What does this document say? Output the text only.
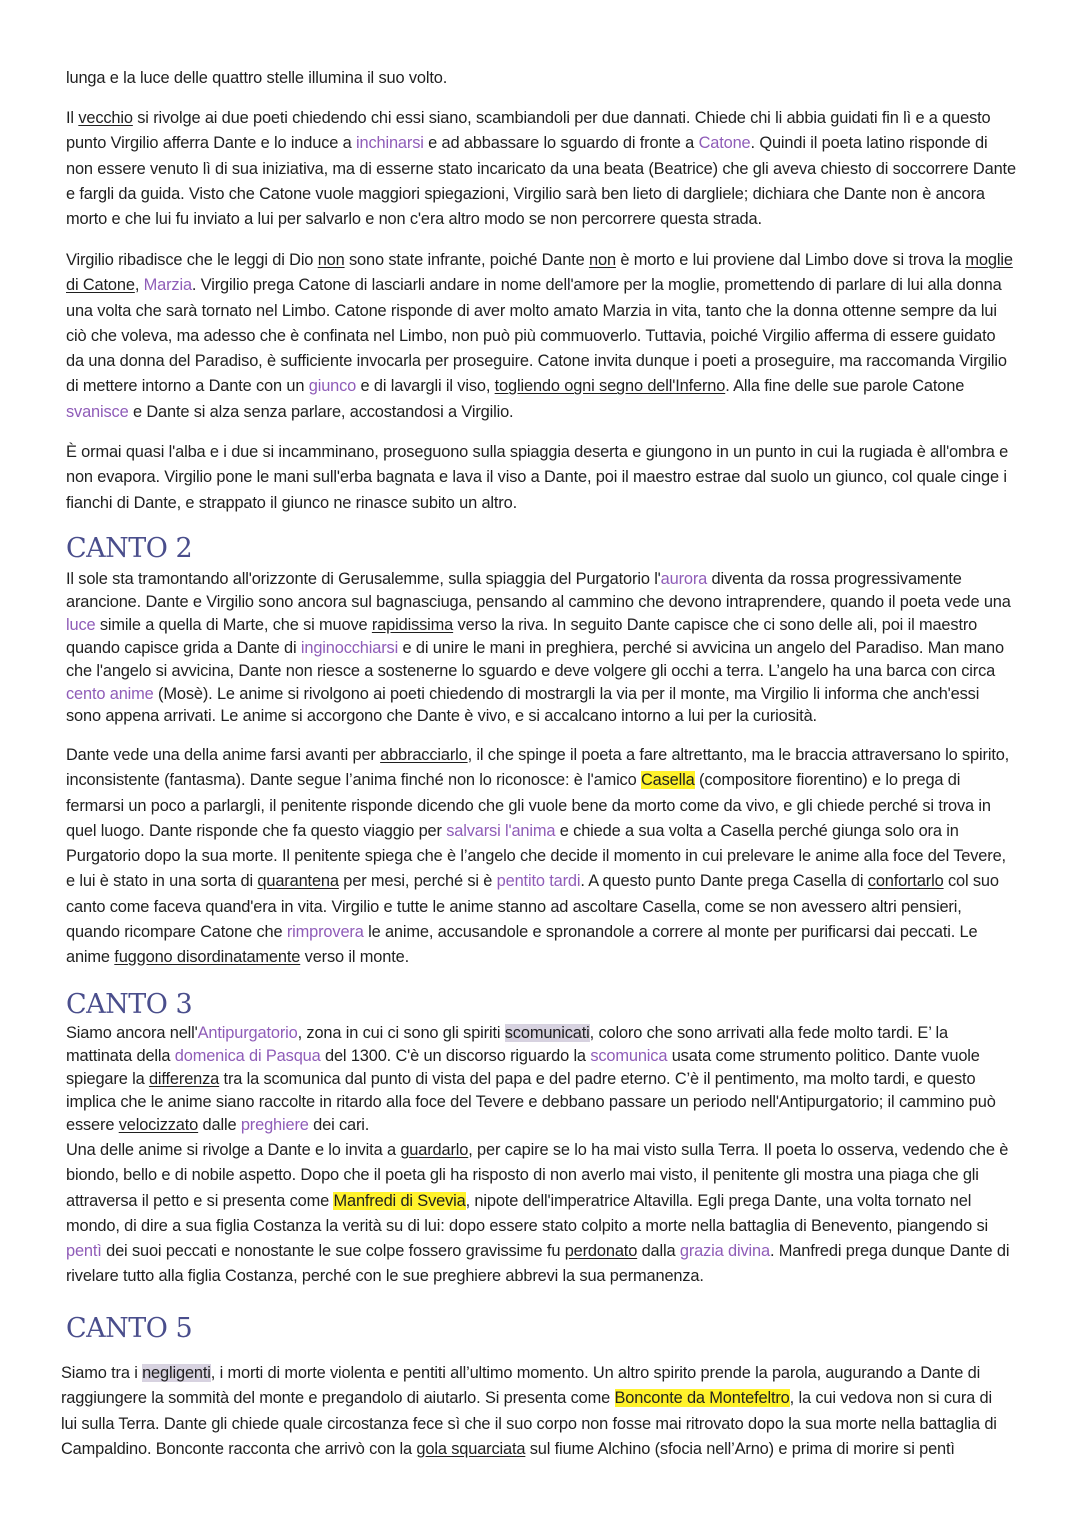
lunga e la luce delle quattro stelle illumina il suo volto.

Il vecchio si rivolge ai due poeti chiedendo chi essi siano, scambiandoli per due dannati. Chiede chi li abbia guidati fin lì e a questo punto Virgilio afferra Dante e lo induce a inchinarsi e ad abbassare lo sguardo di fronte a Catone. Quindi il poeta latino risponde di non essere venuto lì di sua iniziativa, ma di esserne stato incaricato da una beata (Beatrice) che gli aveva chiesto di soccorrere Dante e fargli da guida. Visto che Catone vuole maggiori spiegazioni, Virgilio sarà ben lieto di dargliele; dichiara che Dante non è ancora morto e che lui fu inviato a lui per salvarlo e non c'era altro modo se non percorrere questa strada.

Virgilio ribadisce che le leggi di Dio non sono state infrante, poiché Dante non è morto e lui proviene dal Limbo dove si trova la moglie di Catone, Marzia. Virgilio prega Catone di lasciarli andare in nome dell'amore per la moglie, promettendo di parlare di lui alla donna una volta che sarà tornato nel Limbo. Catone risponde di aver molto amato Marzia in vita, tanto che la donna ottenne sempre da lui ciò che voleva, ma adesso che è confinata nel Limbo, non può più commuoverlo. Tuttavia, poiché Virgilio afferma di essere guidato da una donna del Paradiso, è sufficiente invocarla per proseguire. Catone invita dunque i poeti a proseguire, ma raccomanda Virgilio di mettere intorno a Dante con un giunco e di lavargli il viso, togliendo ogni segno dell'Inferno. Alla fine delle sue parole Catone svanisce e Dante si alza senza parlare, accostandosi a Virgilio.

È ormai quasi l'alba e i due si incamminano, proseguono sulla spiaggia deserta e giungono in un punto in cui la rugiada è all'ombra e non evapora. Virgilio pone le mani sull'erba bagnata e lava il viso a Dante, poi il maestro estrae dal suolo un giunco, col quale cinge i fianchi di Dante, e strappato il giunco ne rinasce subito un altro.

CANTO 2

Il sole sta tramontando all'orizzonte di Gerusalemme, sulla spiaggia del Purgatorio l'aurora diventa da rossa progressivamente arancione. Dante e Virgilio sono ancora sul bagnasciuga, pensando al cammino che devono intraprendere, quando il poeta vede una luce simile a quella di Marte, che si muove rapidissima verso la riva. In seguito Dante capisce che ci sono delle ali, poi il maestro quando capisce grida a Dante di inginocchiarsi e di unire le mani in preghiera, perché si avvicina un angelo del Paradiso. Man mano che l'angelo si avvicina, Dante non riesce a sostenerne lo sguardo e deve volgere gli occhi a terra. L’angelo ha una barca con circa cento anime (Mosè). Le anime si rivolgono ai poeti chiedendo di mostrargli la via per il monte, ma Virgilio li informa che anch'essi sono appena arrivati. Le anime si accorgono che Dante è vivo, e si accalcano intorno a lui per la curiosità.

Dante vede una della anime farsi avanti per abbracciarlo, il che spinge il poeta a fare altrettanto, ma le braccia attraversano lo spirito, inconsistente (fantasma). Dante segue l’anima finché non lo riconosce: è l'amico Casella (compositore fiorentino) e lo prega di fermarsi un poco a parlargli, il penitente risponde dicendo che gli vuole bene da morto come da vivo, e gli chiede perché si trova in quel luogo. Dante risponde che fa questo viaggio per salvarsi l'anima e chiede a sua volta a Casella perché giunga solo ora in Purgatorio dopo la sua morte. Il penitente spiega che è l’angelo che decide il momento in cui prelevare le anime alla foce del Tevere, e lui è stato in una sorta di quarantena per mesi, perché si è pentito tardi. A questo punto Dante prega Casella di confortarlo col suo canto come faceva quand'era in vita. Virgilio e tutte le anime stanno ad ascoltare Casella, come se non avessero altri pensieri, quando ricompare Catone che rimprovera le anime, accusandole e spronandole a correre al monte per purificarsi dai peccati. Le anime fuggono disordinatamente verso il monte.

CANTO 3

Siamo ancora nell'Antipurgatorio, zona in cui ci sono gli spiriti scomunicati, coloro che sono arrivati alla fede molto tardi. E’ la mattinata della domenica di Pasqua del 1300. C'è un discorso riguardo la scomunica usata come strumento politico. Dante vuole spiegare la differenza tra la scomunica dal punto di vista del papa e del padre eterno. C’è il pentimento, ma molto tardi, e questo implica che le anime siano raccolte in ritardo alla foce del Tevere e debbano passare un periodo nell'Antipurgatorio; il cammino può essere velocizzato dalle preghiere dei cari.

Una delle anime si rivolge a Dante e lo invita a guardarlo, per capire se lo ha mai visto sulla Terra. Il poeta lo osserva, vedendo che è biondo, bello e di nobile aspetto. Dopo che il poeta gli ha risposto di non averlo mai visto, il penitente gli mostra una piaga che gli attraversa il petto e si presenta come Manfredi di Svevia, nipote dell'imperatrice Altavilla. Egli prega Dante, una volta tornato nel mondo, di dire a sua figlia Costanza la verità su di lui: dopo essere stato colpito a morte nella battaglia di Benevento, piangendo si pentì dei suoi peccati e nonostante le sue colpe fossero gravissime fu perdonato dalla grazia divina. Manfredi prega dunque Dante di rivelare tutto alla figlia Costanza, perché con le sue preghiere abbrevi la sua permanenza.

CANTO 5

Siamo tra i negligenti, i morti di morte violenta e pentiti all’ultimo momento. Un altro spirito prende la parola, augurando a Dante di raggiungere la sommità del monte e pregandolo di aiutarlo. Si presenta come Bonconte da Montefeltro, la cui vedova non si cura di lui sulla Terra. Dante gli chiede quale circostanza fece sì che il suo corpo non fosse mai ritrovato dopo la sua morte nella battaglia di Campaldino. Bonconte racconta che arrivò con la gola squarciata sul fiume Alchino (sfocia nell’Arno) e prima di morire si pentì
